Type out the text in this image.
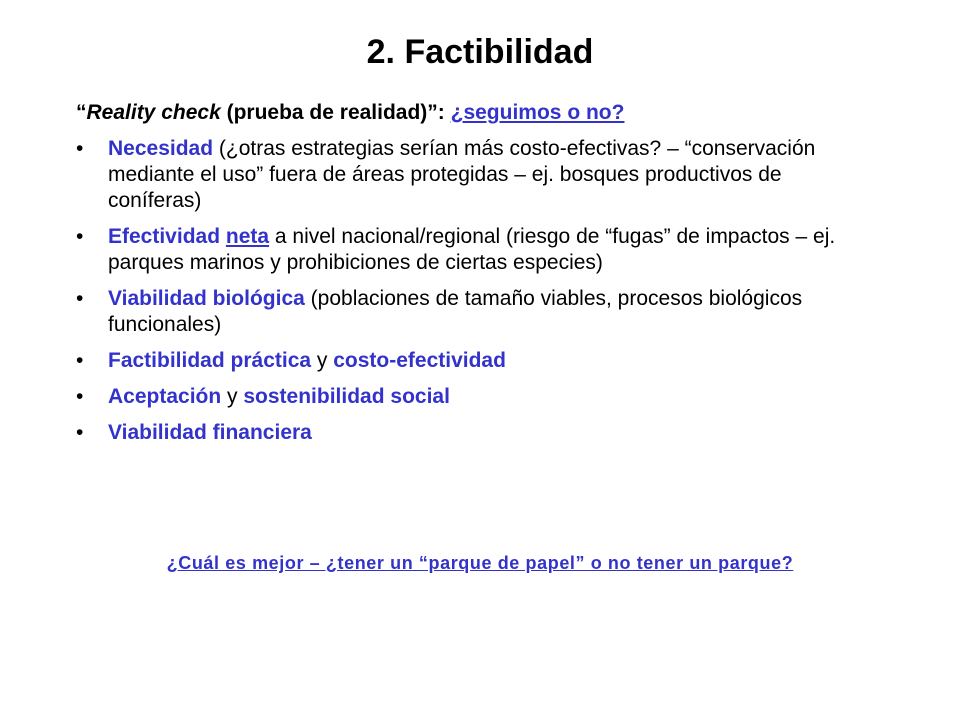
2. Factibilidad
“Reality check (prueba de realidad)”: ¿seguimos o no?
• Necesidad (¿otras estrategias serían más costo-efectivas? – “conservación mediante el uso” fuera de áreas protegidas – ej. bosques productivos de coníferas)
• Efectividad neta a nivel nacional/regional (riesgo de “fugas” de impactos – ej. parques marinos y prohibiciones de ciertas especies)
• Viabilidad biológica (poblaciones de tamaño viables, procesos biológicos funcionales)
• Factibilidad práctica y costo-efectividad
• Aceptación y sostenibilidad social
• Viabilidad financiera
¿Cuál es mejor – ¿tener un “parque de papel” o no tener un parque?
